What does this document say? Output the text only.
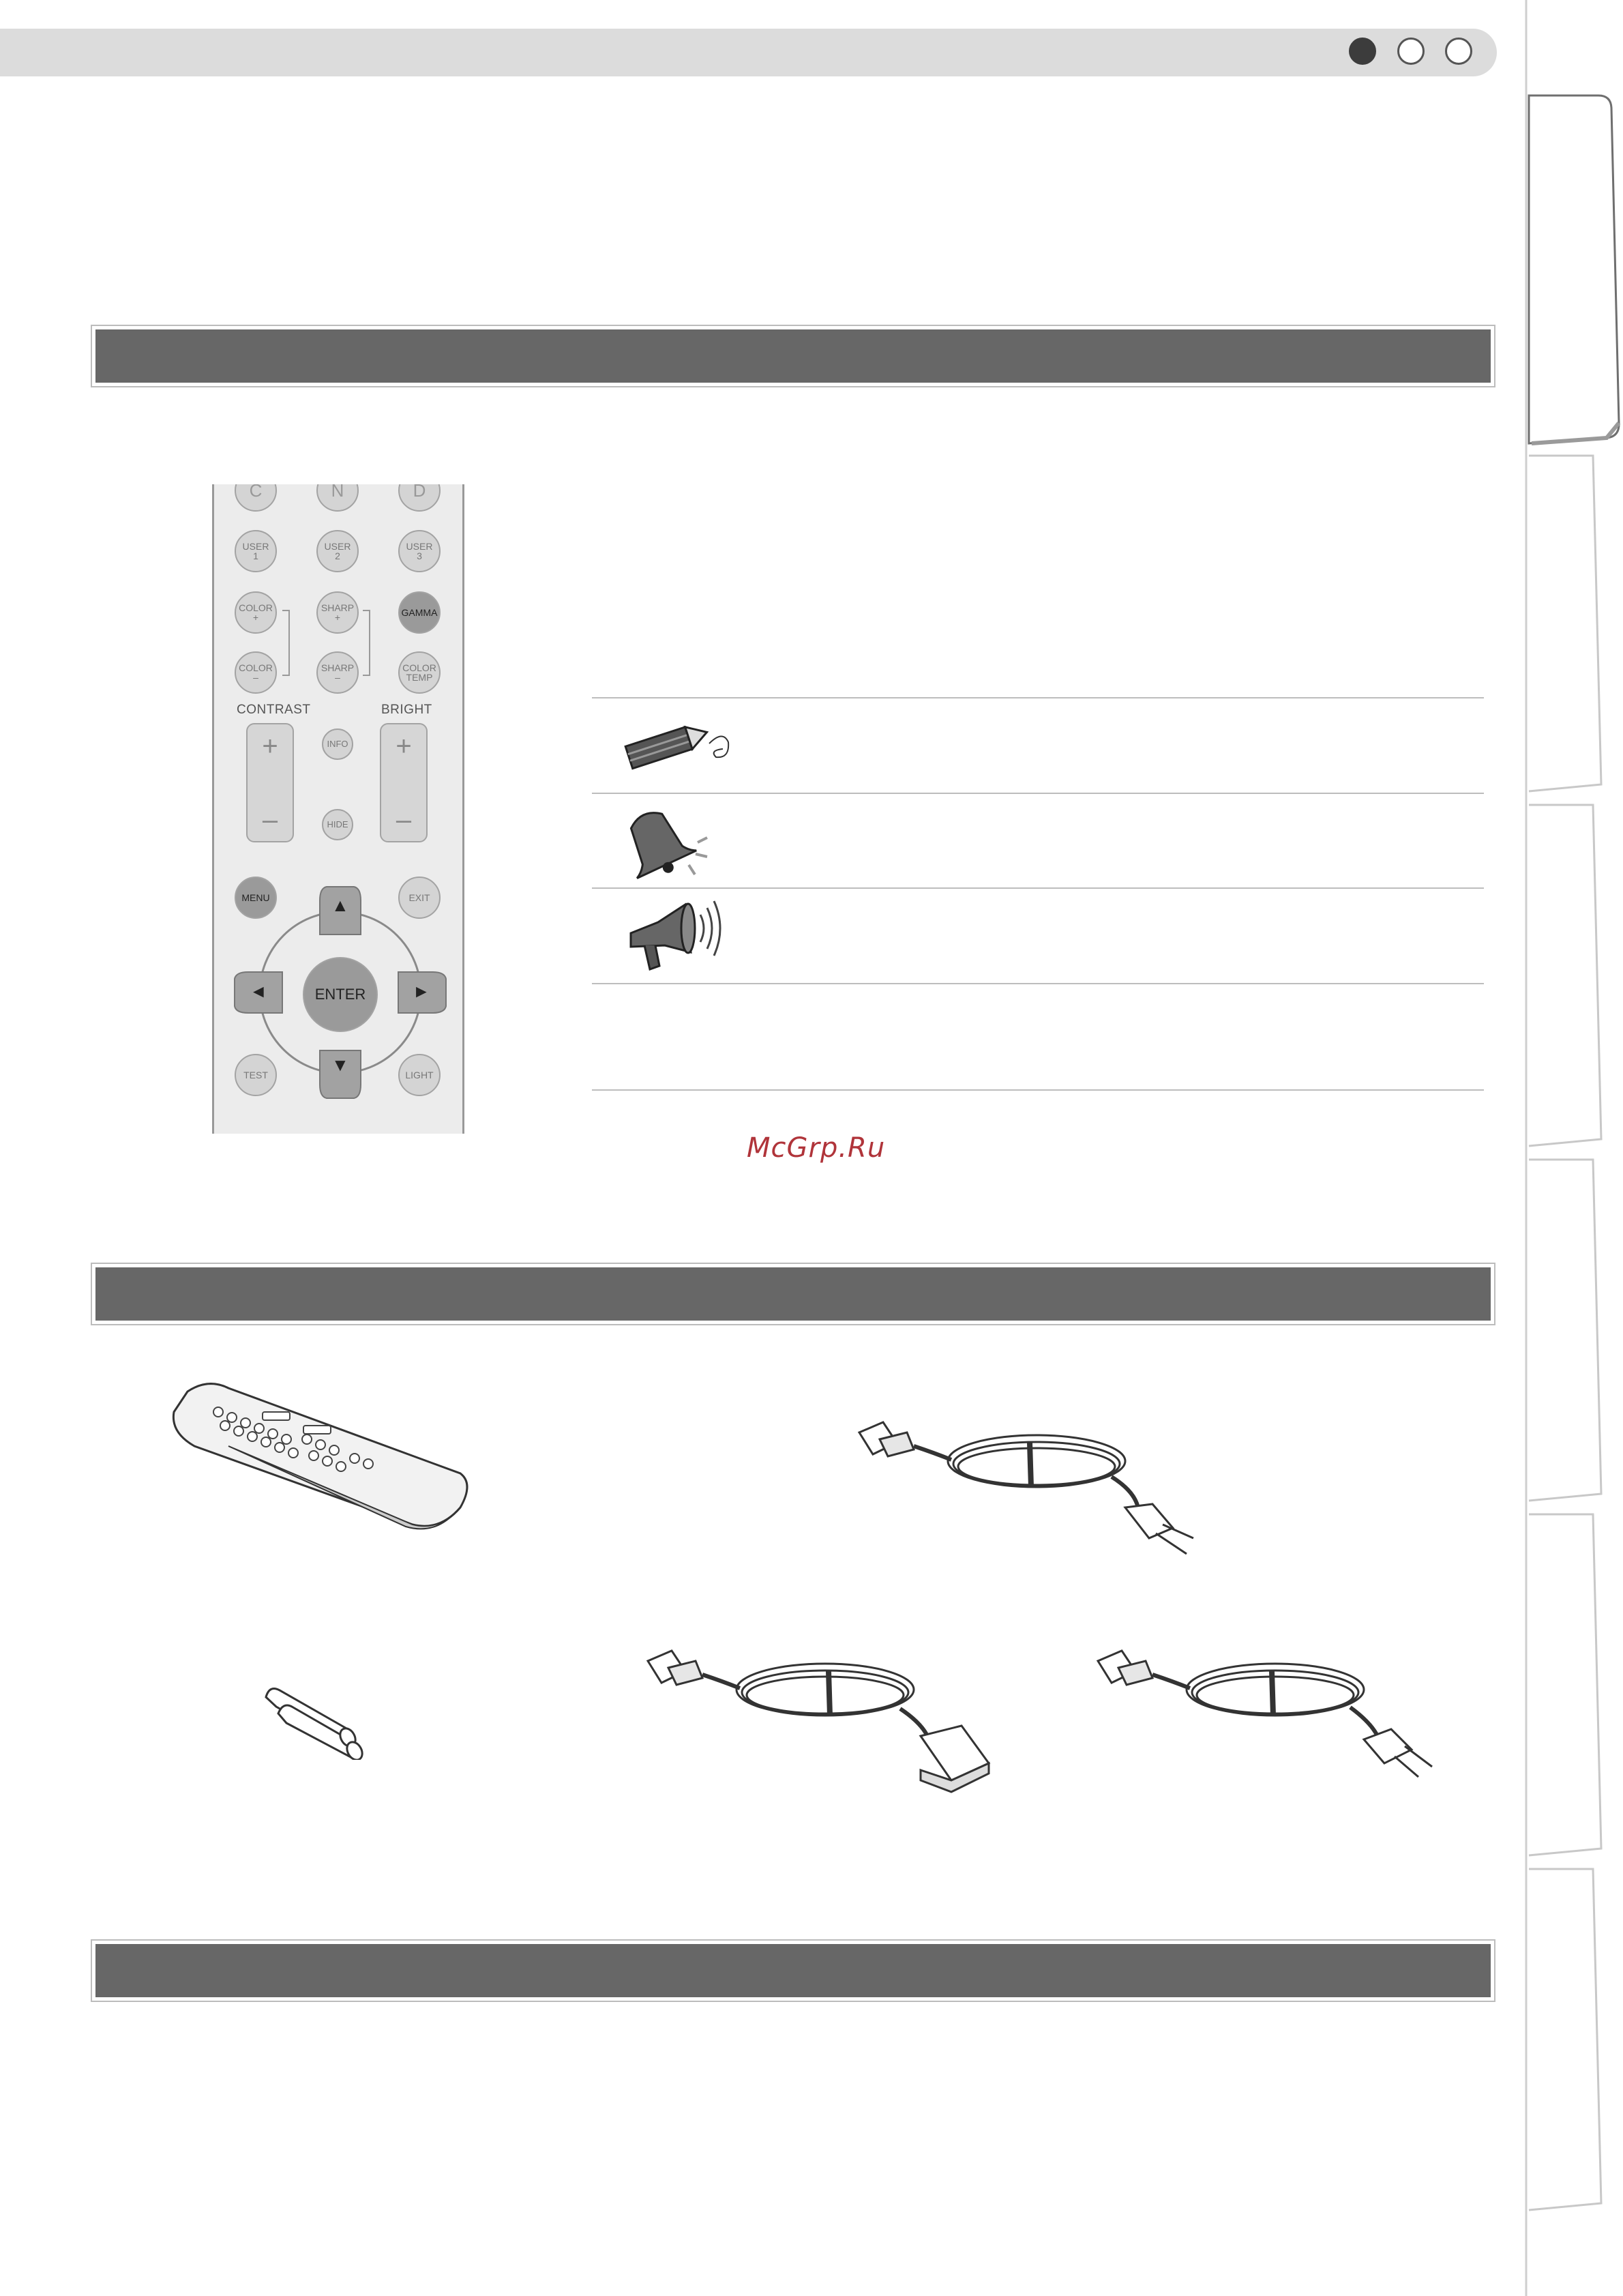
C	N	D
USER
1
USER
2
USER
3
COLOR
+
SHARP
+	GAMMA
COLOR
–
SHARP
–
COLOR
TEMP
CONTRAST	BRIGHT
+
–
+
–
INFO
HIDE
MENU	EXIT
▲
▼
◄	►
ENTER
TEST	LIGHT
McGrp.Ru
